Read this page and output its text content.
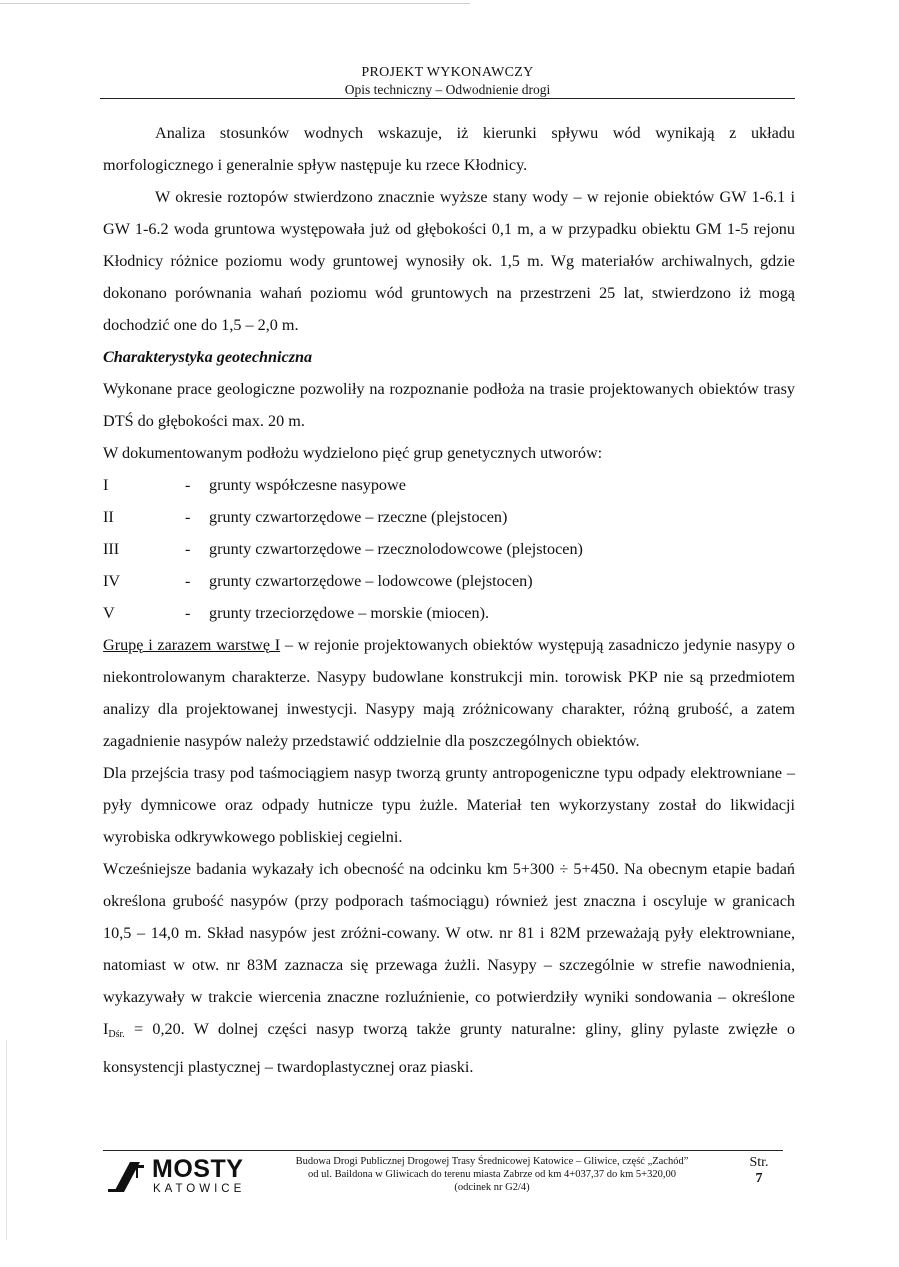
PROJEKT WYKONAWCZY
Opis techniczny – Odwodnienie drogi

Analiza stosunków wodnych wskazuje, iż kierunki spływu wód wynikają z układu morfologicznego i generalnie spływ następuje ku rzece Kłodnicy.

W okresie roztopów stwierdzono znacznie wyższe stany wody – w rejonie obiektów GW 1-6.1 i GW 1-6.2 woda gruntowa występowała już od głębokości 0,1 m, a w przypadku obiektu GM 1-5 rejonu Kłodnicy różnice poziomu wody gruntowej wynosiły ok. 1,5 m. Wg materiałów archiwalnych, gdzie dokonano porównania wahań poziomu wód gruntowych na przestrzeni 25 lat, stwierdzono iż mogą dochodzić one do 1,5 – 2,0 m.

Charakterystyka geotechniczna

Wykonane prace geologiczne pozwoliły na rozpoznanie podłoża na trasie projektowanych obiektów trasy DTŚ do głębokości max. 20 m.

W dokumentowanym podłożu wydzielono pięć grup genetycznych utworów:

I	-	grunty współczesne nasypowe
II	-	grunty czwartorzędowe – rzeczne (plejstocen)
III	-	grunty czwartorzędowe – rzecznolodowcowe (plejstocen)
IV	-	grunty czwartorzędowe – lodowcowe (plejstocen)
V	-	grunty trzeciorzędowe – morskie (miocen).

Grupę i zarazem warstwę I – w rejonie projektowanych obiektów występują zasadniczo jedynie nasypy o niekontrolowanym charakterze. Nasypy budowlane konstrukcji min. torowisk PKP nie są przedmiotem analizy dla projektowanej inwestycji. Nasypy mają zróżnicowany charakter, różną grubość, a zatem zagadnienie nasypów należy przedstawić oddzielnie dla poszczególnych obiektów.

Dla przejścia trasy pod taśmociągiem nasyp tworzą grunty antropogeniczne typu odpady elektrowniane – pyły dymnicowe oraz odpady hutnicze typu żużle. Materiał ten wykorzystany został do likwidacji wyrobiska odkrywkowego pobliskiej cegielni.

Wcześniejsze badania wykazały ich obecność na odcinku km 5+300 ÷ 5+450. Na obecnym etapie badań określona grubość nasypów (przy podporach taśmociągu) również jest znaczna i oscyluje w granicach 10,5 – 14,0 m. Skład nasypów jest zróżni-cowany. W otw. nr 81 i 82M przeważają pyły elektrowniane, natomiast w otw. nr 83M zaznacza się przewaga żużli. Nasypy – szczególnie w strefie nawodnienia, wykazywały w trakcie wiercenia znaczne rozluźnienie, co potwierdziły wyniki sondowania – określone $I_{Dśr.} = 0,20$. W dolnej części nasyp tworzą także grunty naturalne: gliny, gliny pylaste zwięzłe o konsystencji plastycznej – twardoplastycznej oraz piaski.

MOSTY
KATOWICE
Budowa Drogi Publicznej Drogowej Trasy Średnicowej Katowice – Gliwice, część „Zachód”
od ul. Baildona w Gliwicach do terenu miasta Zabrze od km 4+037,37 do km 5+320,00
(odcinek nr G2/4)
Str.
7
